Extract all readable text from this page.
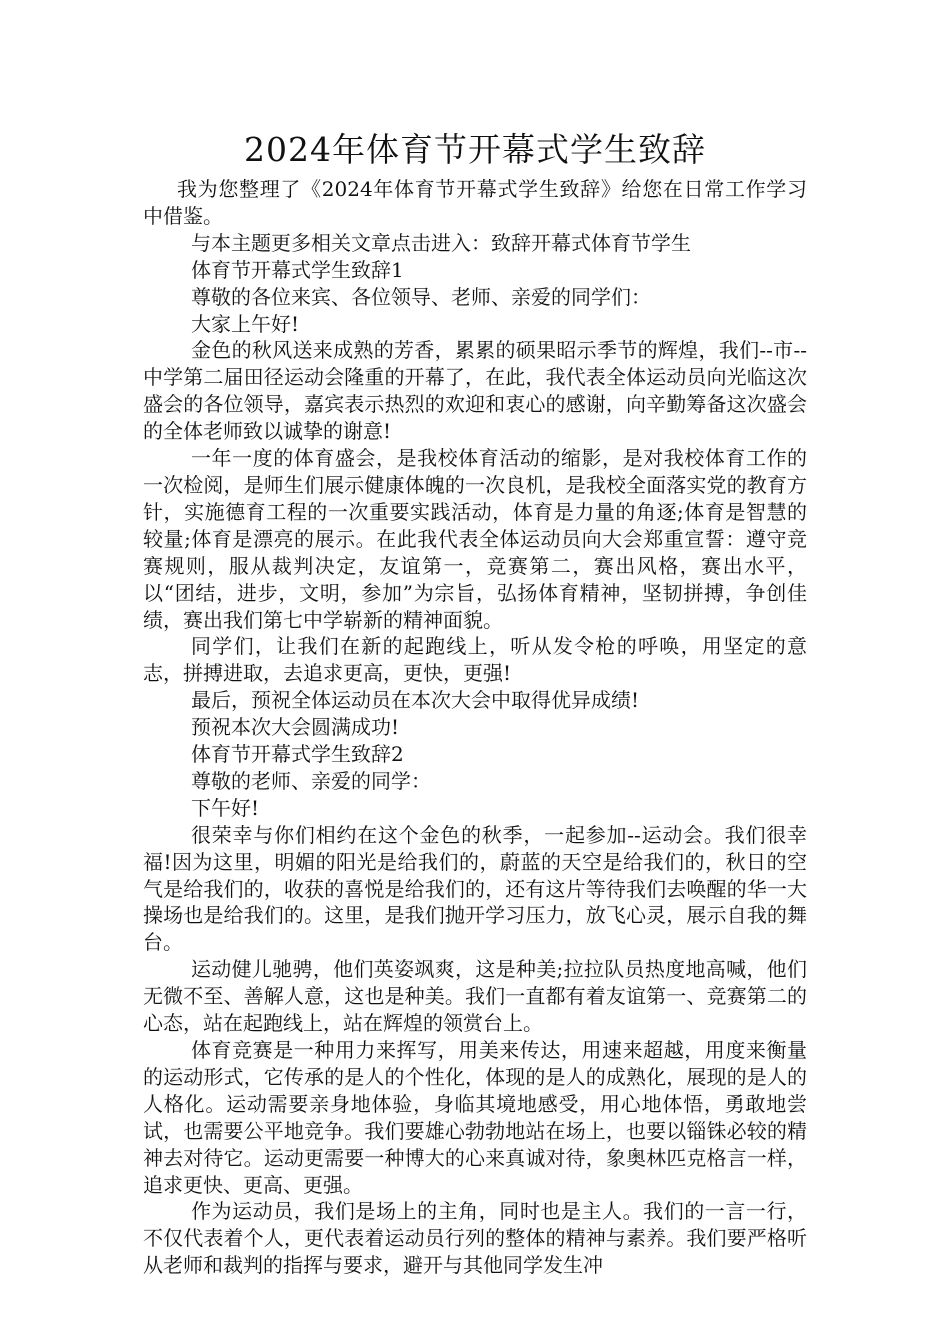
2024年体育节开幕式学生致辞

我为您整理了《2024年体育节开幕式学生致辞》给您在日常工作学习中借鉴。

与本主题更多相关文章点击进入：致辞开幕式体育节学生

体育节开幕式学生致辞1

尊敬的各位来宾、各位领导、老师、亲爱的同学们：

大家上午好!

金色的秋风送来成熟的芳香，累累的硕果昭示季节的辉煌，我们--市--中学第二届田径运动会隆重的开幕了，在此，我代表全体运动员向光临这次盛会的各位领导，嘉宾表示热烈的欢迎和衷心的感谢，向辛勤筹备这次盛会的全体老师致以诚挚的谢意!

一年一度的体育盛会，是我校体育活动的缩影，是对我校体育工作的一次检阅，是师生们展示健康体魄的一次良机，是我校全面落实党的教育方针，实施德育工程的一次重要实践活动，体育是力量的角逐;体育是智慧的较量;体育是漂亮的展示。在此我代表全体运动员向大会郑重宣誓：遵守竞赛规则，服从裁判决定，友谊第一，竞赛第二，赛出风格，赛出水平，以“团结，进步，文明，参加”为宗旨，弘扬体育精神，坚韧拼搏，争创佳绩，赛出我们第七中学崭新的精神面貌。

同学们，让我们在新的起跑线上，听从发令枪的呼唤，用坚定的意志，拼搏进取，去追求更高，更快，更强!

最后，预祝全体运动员在本次大会中取得优异成绩!

预祝本次大会圆满成功!

体育节开幕式学生致辞2

尊敬的老师、亲爱的同学：

下午好!

很荣幸与你们相约在这个金色的秋季，一起参加--运动会。我们很幸福!因为这里，明媚的阳光是给我们的，蔚蓝的天空是给我们的，秋日的空气是给我们的，收获的喜悦是给我们的，还有这片等待我们去唤醒的华一大操场也是给我们的。这里，是我们抛开学习压力，放飞心灵，展示自我的舞台。

运动健儿驰骋，他们英姿飒爽，这是种美;拉拉队员热度地高喊，他们无微不至、善解人意，这也是种美。我们一直都有着友谊第一、竞赛第二的心态，站在起跑线上，站在辉煌的领赏台上。

体育竞赛是一种用力来挥写，用美来传达，用速来超越，用度来衡量的运动形式，它传承的是人的个性化，体现的是人的成熟化，展现的是人的人格化。运动需要亲身地体验，身临其境地感受，用心地体悟，勇敢地尝试，也需要公平地竞争。我们要雄心勃勃地站在场上，也要以锱铢必较的精神去对待它。运动更需要一种博大的心来真诚对待，象奥林匹克格言一样，追求更快、更高、更强。

作为运动员，我们是场上的主角，同时也是主人。我们的一言一行，不仅代表着个人，更代表着运动员行列的整体的精神与素养。我们要严格听从老师和裁判的指挥与要求，避开与其他同学发生冲
